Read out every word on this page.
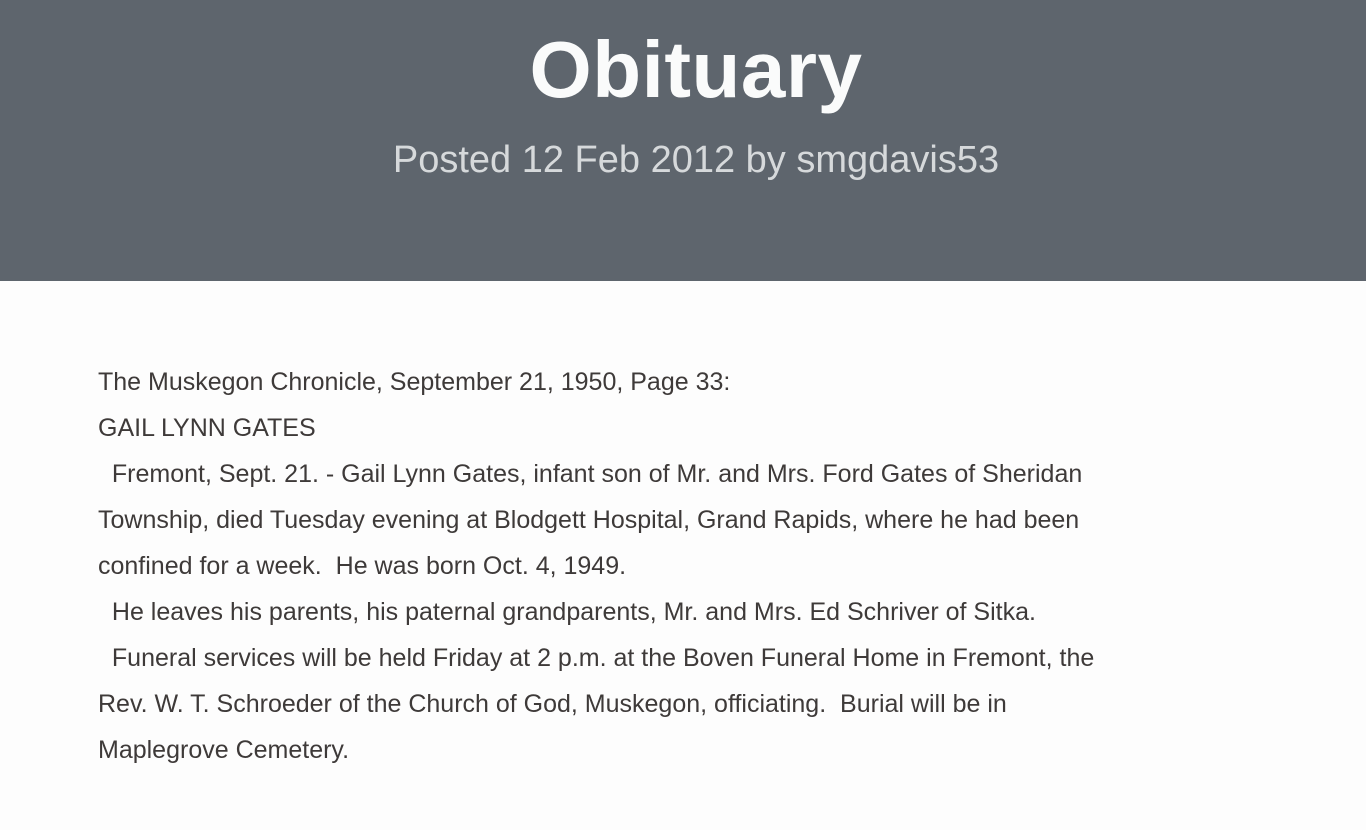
Obituary
Posted 12 Feb 2012 by smgdavis53
The Muskegon Chronicle, September 21, 1950, Page 33:
GAIL LYNN GATES
Fremont, Sept. 21. - Gail Lynn Gates, infant son of Mr. and Mrs. Ford Gates of Sheridan
Township, died Tuesday evening at Blodgett Hospital, Grand Rapids, where he had been
confined for a week.  He was born Oct. 4, 1949.
He leaves his parents, his paternal grandparents, Mr. and Mrs. Ed Schriver of Sitka.
Funeral services will be held Friday at 2 p.m. at the Boven Funeral Home in Fremont, the
Rev. W. T. Schroeder of the Church of God, Muskegon, officiating.  Burial will be in
Maplegrove Cemetery.
